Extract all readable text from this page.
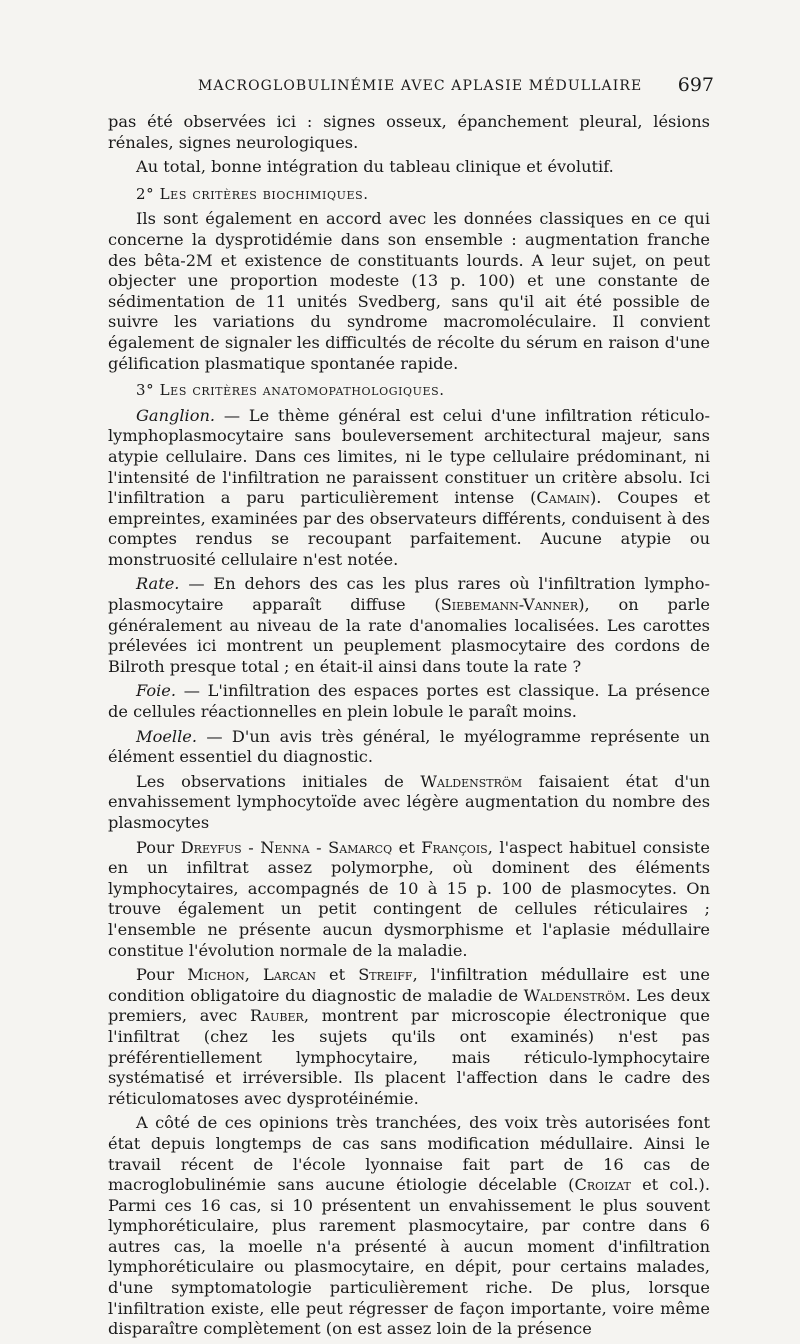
MACROGLOBULINÉMIE AVEC APLASIE MÉDULLAIRE 697

pas été observées ici : signes osseux, épanchement pleural, lésions rénales, signes neurologiques.

Au total, bonne intégration du tableau clinique et évolutif.

2° Les critères biochimiques.

Ils sont également en accord avec les données classiques en ce qui concerne la dysprotidémie dans son ensemble : augmentation franche des bêta-2M et existence de constituants lourds. A leur sujet, on peut objecter une proportion modeste (13 p. 100) et une constante de sédimentation de 11 unités Svedberg, sans qu'il ait été possible de suivre les variations du syndrome macromoléculaire. Il convient également de signaler les difficultés de récolte du sérum en raison d'une gélification plasmatique spontanée rapide.

3° Les critères anatomopathologiques.

Ganglion. — Le thème général est celui d'une infiltration réticulo-lymphoplasmocytaire sans bouleversement architectural majeur, sans atypie cellulaire. Dans ces limites, ni le type cellulaire prédominant, ni l'intensité de l'infiltration ne paraissent constituer un critère absolu. Ici l'infiltration a paru particulièrement intense (Camain). Coupes et empreintes, examinées par des observateurs différents, conduisent à des comptes rendus se recoupant parfaitement. Aucune atypie ou monstruosité cellulaire n'est notée.

Rate. — En dehors des cas les plus rares où l'infiltration lympho-plasmocytaire apparaît diffuse (Siebemann-Vanner), on parle généralement au niveau de la rate d'anomalies localisées. Les carottes prélevées ici montrent un peuplement plasmocytaire des cordons de Bilroth presque total ; en était-il ainsi dans toute la rate ?

Foie. — L'infiltration des espaces portes est classique. La présence de cellules réactionnelles en plein lobule le paraît moins.

Moelle. — D'un avis très général, le myélogramme représente un élément essentiel du diagnostic.

Les observations initiales de Waldenström faisaient état d'un envahissement lymphocytoïde avec légère augmentation du nombre des plasmocytes

Pour Dreyfus - Nenna - Samarcq et François, l'aspect habituel consiste en un infiltrat assez polymorphe, où dominent des éléments lymphocytaires, accompagnés de 10 à 15 p. 100 de plasmocytes. On trouve également un petit contingent de cellules réticulaires ; l'ensemble ne présente aucun dysmorphisme et l'aplasie médullaire constitue l'évolution normale de la maladie.

Pour Michon, Larcan et Streiff, l'infiltration médullaire est une condition obligatoire du diagnostic de maladie de Waldenström. Les deux premiers, avec Rauber, montrent par microscopie électronique que l'infiltrat (chez les sujets qu'ils ont examinés) n'est pas préférentiellement lymphocytaire, mais réticulo-lymphocytaire systématisé et irréversible. Ils placent l'affection dans le cadre des réticulomatoses avec dysprotéinémie.

A côté de ces opinions très tranchées, des voix très autorisées font état depuis longtemps de cas sans modification médullaire. Ainsi le travail récent de l'école lyonnaise fait part de 16 cas de macroglobulinémie sans aucune étiologie décelable (Croizat et col.). Parmi ces 16 cas, si 10 présentent un envahissement le plus souvent lymphoréticulaire, plus rarement plasmocytaire, par contre dans 6 autres cas, la moelle n'a présenté à aucun moment d'infiltration lymphoréticulaire ou plasmocytaire, en dépit, pour certains malades, d'une symptomatologie particulièrement riche. De plus, lorsque l'infiltration existe, elle peut régresser de façon importante, voire même disparaître complètement (on est assez loin de la présence
